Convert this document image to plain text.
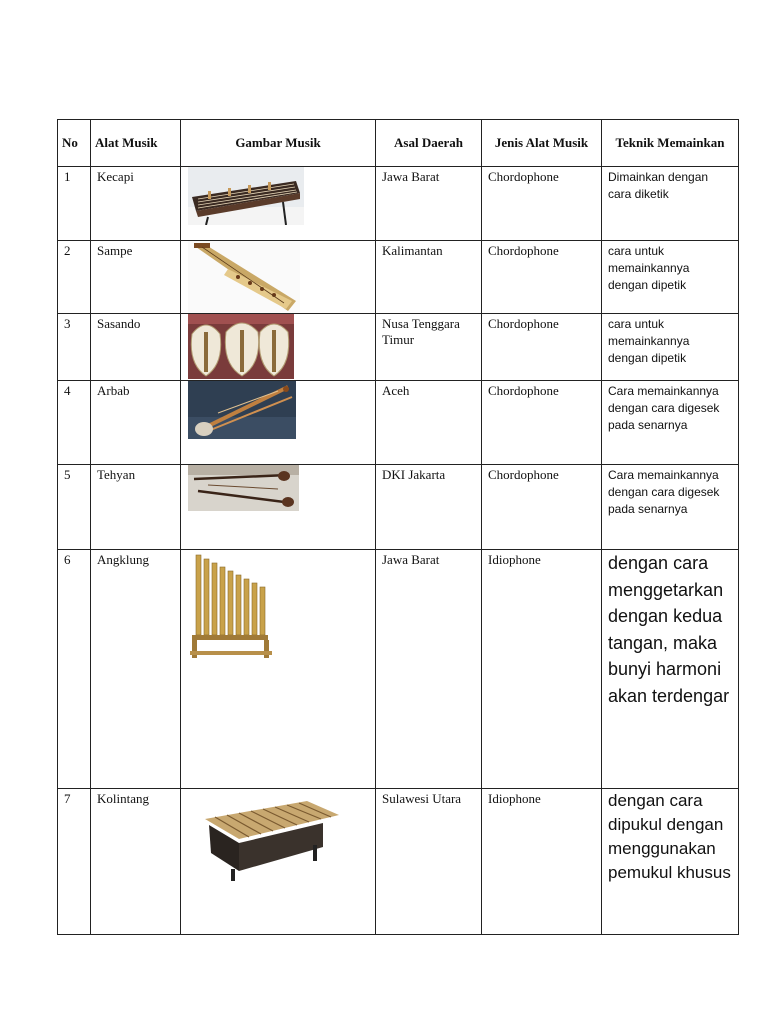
No	Alat Musik	Gambar Musik	Asal Daerah	Jenis Alat Musik	Teknik Memainkan

1	Kecapi		Jawa Barat	Chordophone	Dimainkan dengan cara diketik
2	Sampe		Kalimantan	Chordophone	cara untuk memainkannya dengan dipetik
3	Sasando		Nusa Tenggara Timur	Chordophone	cara untuk memainkannya dengan dipetik
4	Arbab		Aceh	Chordophone	Cara memainkannya dengan cara digesek pada senarnya
5	Tehyan		DKI Jakarta	Chordophone	Cara memainkannya dengan cara digesek pada senarnya
6	Angklung		Jawa Barat	Idiophone	dengan cara menggetarkan dengan kedua tangan, maka bunyi harmoni akan terdengar
7	Kolintang		Sulawesi Utara	Idiophone	dengan cara dipukul dengan menggunakan pemukul khusus
